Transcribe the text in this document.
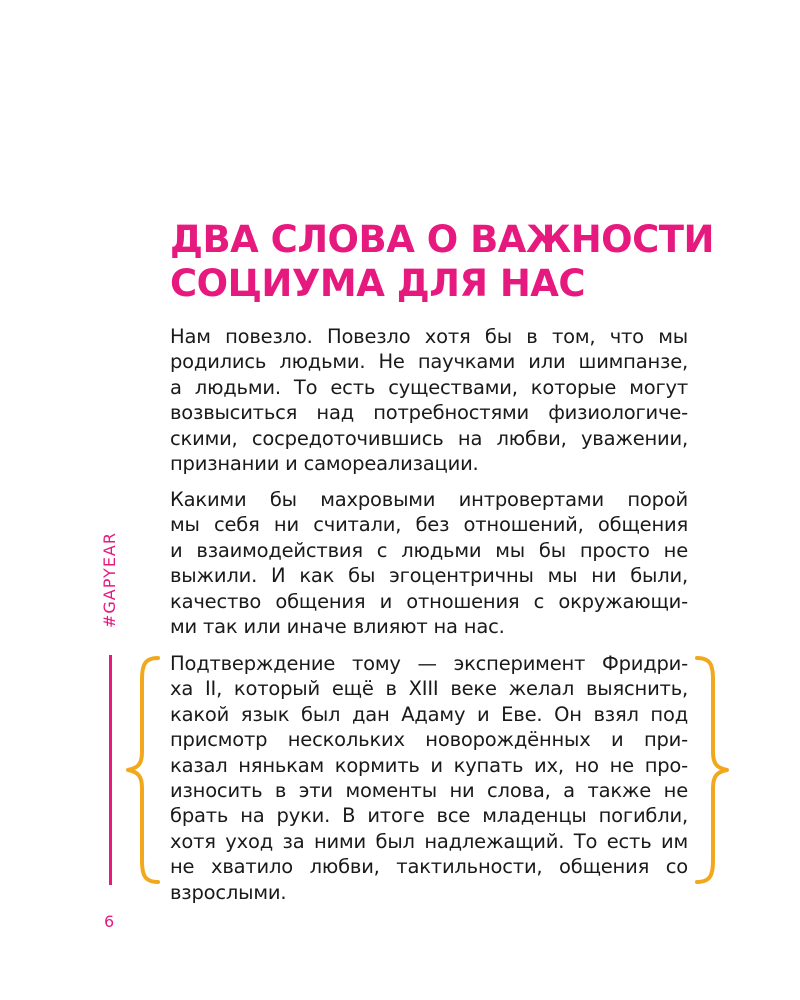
ДВА СЛОВА О ВАЖНОСТИ
СОЦИУМА ДЛЯ НАС
Нам повезло. Повезло хотя бы в том, что мы
родились людьми. Не паучками или шимпанзе,
а людьми. То есть существами, которые могут
возвыситься над потребностями физиологиче-
скими, сосредоточившись на любви, уважении,
признании и самореализации.
Какими бы махровыми интровертами порой
мы себя ни считали, без отношений, общения
и взаимодействия с людьми мы бы просто не
выжили. И как бы эгоцентричны мы ни были,
качество общения и отношения с окружающи-
ми так или иначе влияют на нас.
#GAPYEAR
Подтверждение тому — эксперимент Фридри-
ха II, который ещё в XIII веке желал выяснить,
какой язык был дан Адаму и Еве. Он взял под
присмотр нескольких новорождённых и при-
казал нянькам кормить и купать их, но не про-
износить в эти моменты ни слова, а также не
брать на руки. В итоге все младенцы погибли,
хотя уход за ними был надлежащий. То есть им
не хватило любви, тактильности, общения со
взрослыми.
6
